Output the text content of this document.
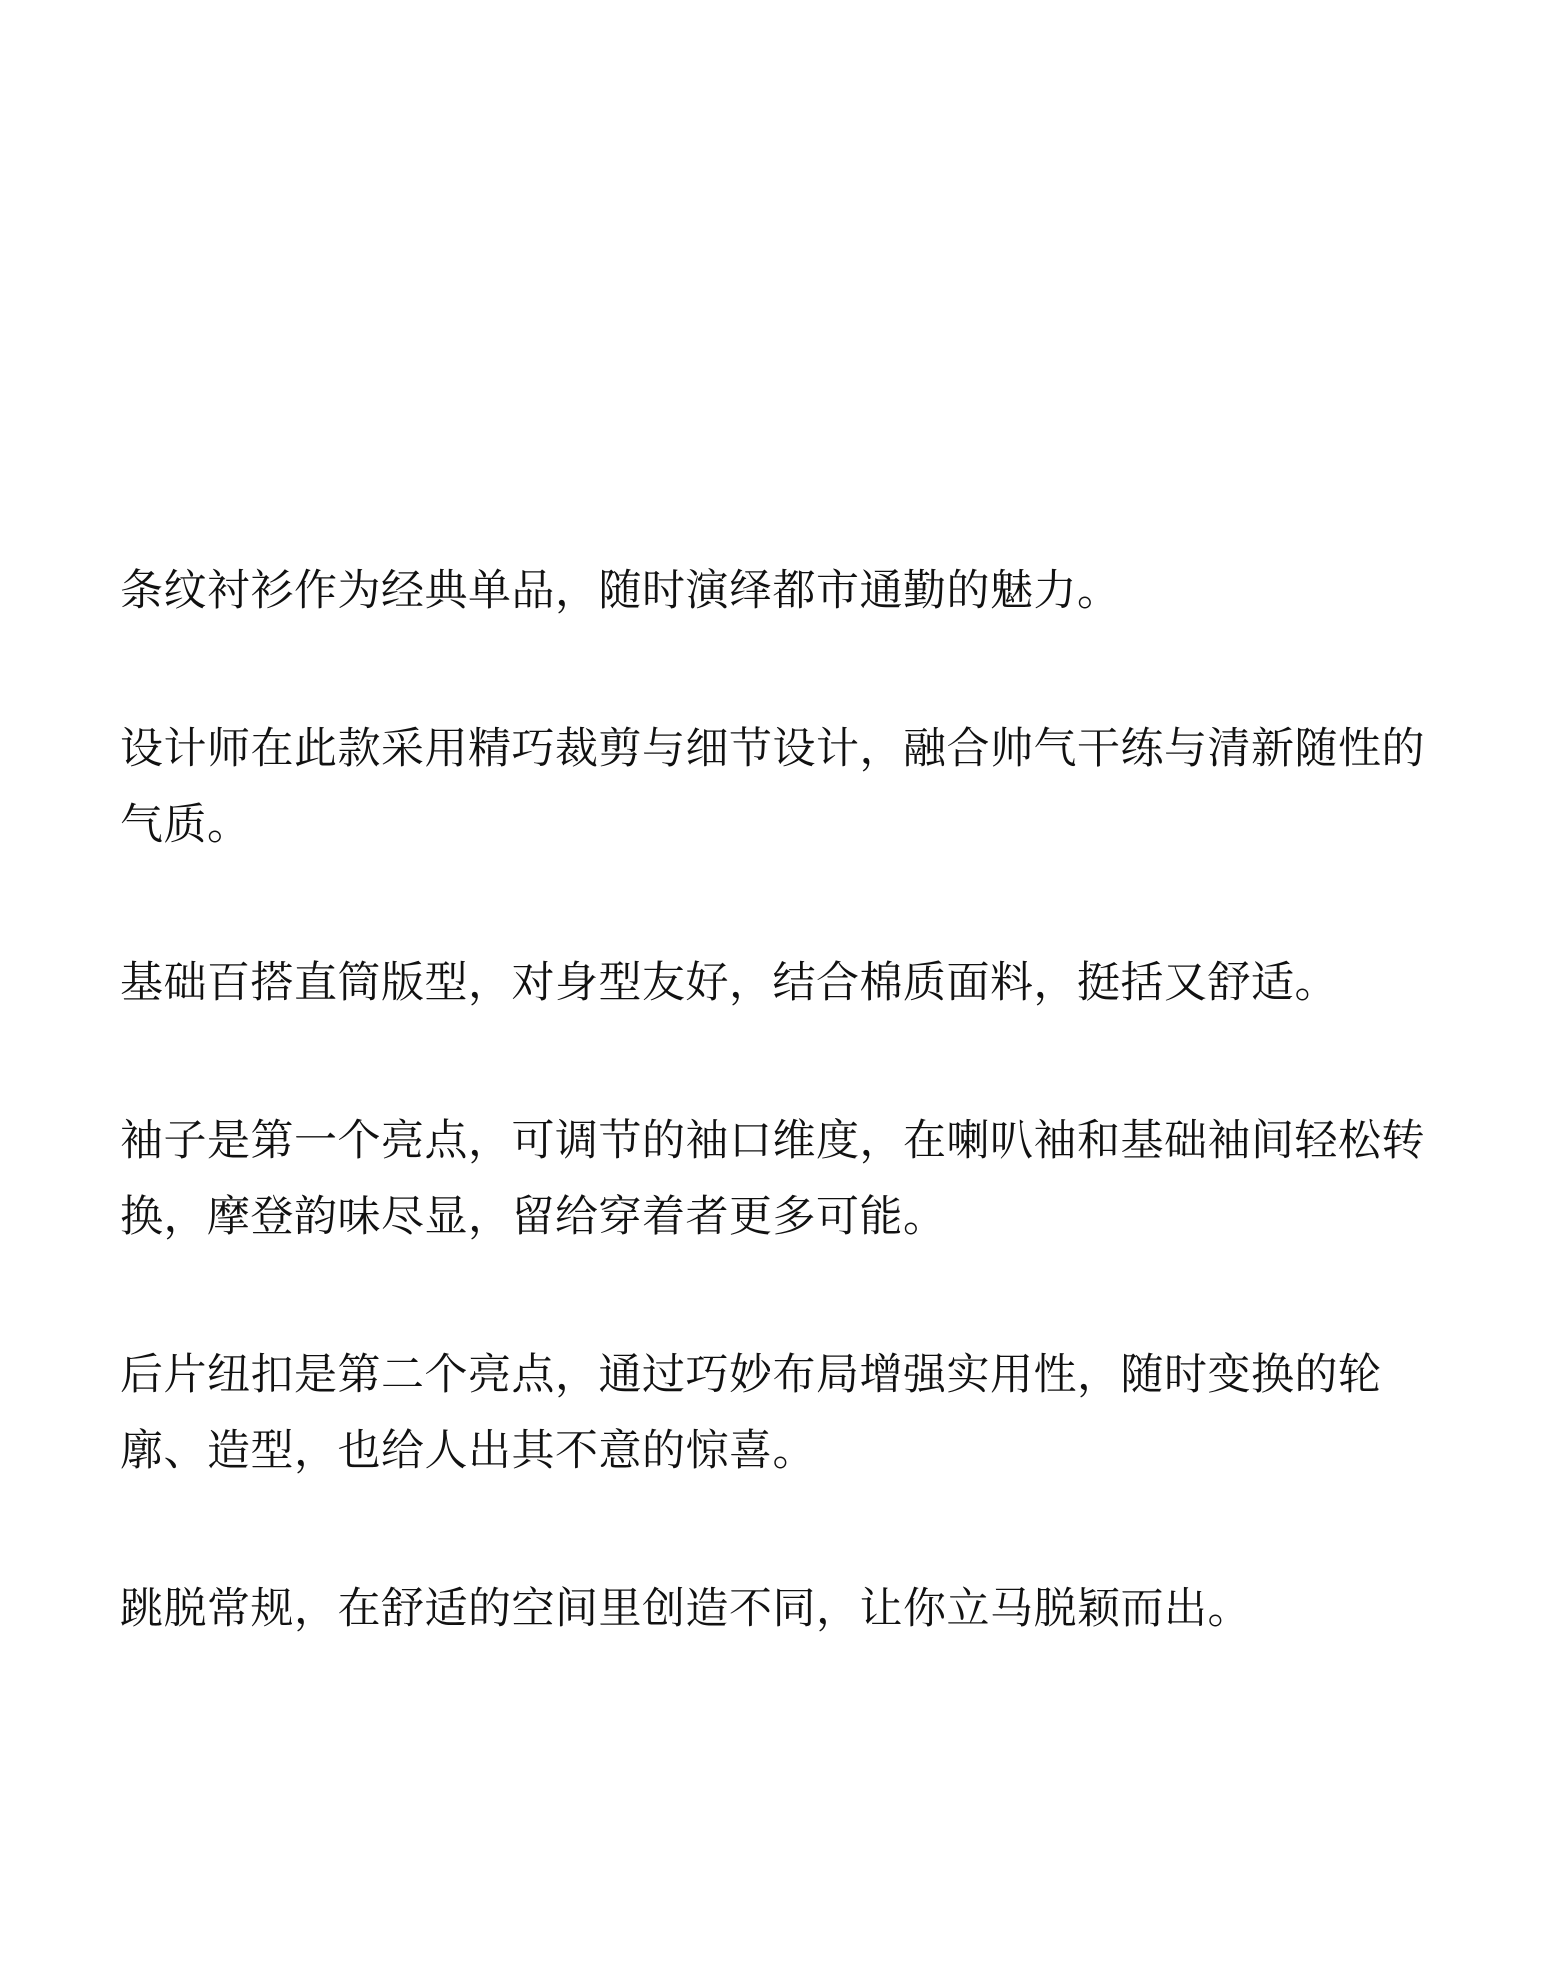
条纹衬衫作为经典单品，随时演绎都市通勤的魅力。

设计师在此款采用精巧裁剪与细节设计，融合帅气干练与清新随性的气质。

基础百搭直筒版型，对身型友好，结合棉质面料，挺括又舒适。

袖子是第一个亮点，可调节的袖口维度，在喇叭袖和基础袖间轻松转换，摩登韵味尽显，留给穿着者更多可能。

后片纽扣是第二个亮点，通过巧妙布局增强实用性，随时变换的轮廓、造型，也给人出其不意的惊喜。

跳脱常规，在舒适的空间里创造不同，让你立马脱颖而出。
